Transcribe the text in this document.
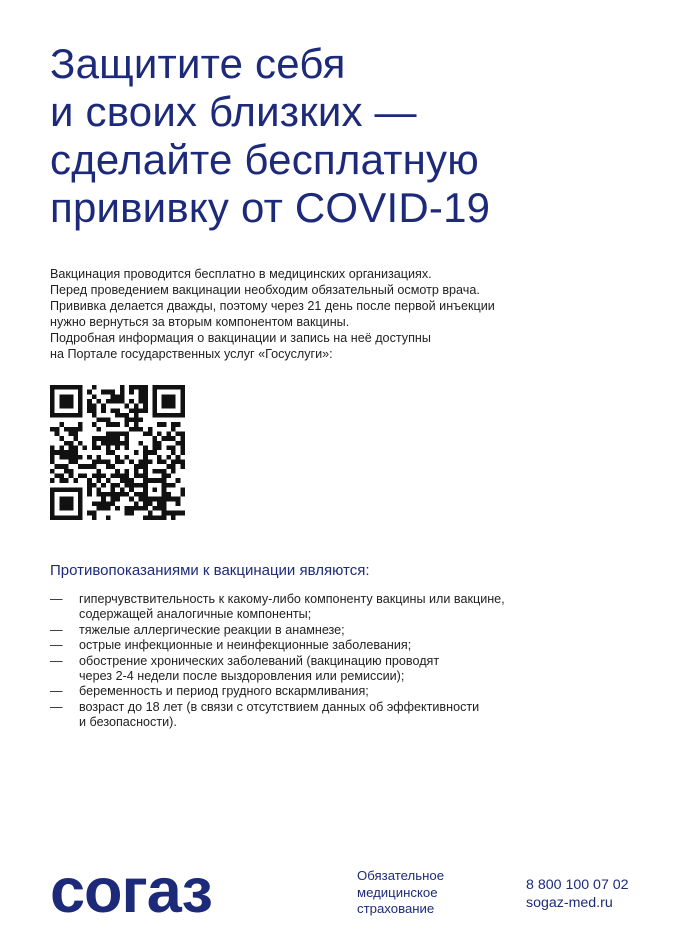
Защитите себя
и своих близких —
сделайте бесплатную
прививку от COVID-19
Вакцинация проводится бесплатно в медицинских организациях.
Перед проведением вакцинации необходим обязательный осмотр врача.
Прививка делается дважды, поэтому через 21 день после первой инъекции
нужно вернуться за вторым компонентом вакцины.
Подробная информация о вакцинации и запись на неё доступны
на Портале государственных услуг «Госуслуги»:
Противопоказаниями к вакцинации являются:
— гиперчувствительность к какому-либо компоненту вакцины или вакцине,
содержащей аналогичные компоненты;
— тяжелые аллергические реакции в анамнезе;
— острые инфекционные и неинфекционные заболевания;
— обострение хронических заболеваний (вакцинацию проводят
через 2-4 недели после выздоровления или ремиссии);
— беременность и период грудного вскармливания;
— возраст до 18 лет (в связи с отсутствием данных об эффективности
и безопасности).
согаз	Обязательное
медицинское
страхование
8 800 100 07 02
sogaz-med.ru
